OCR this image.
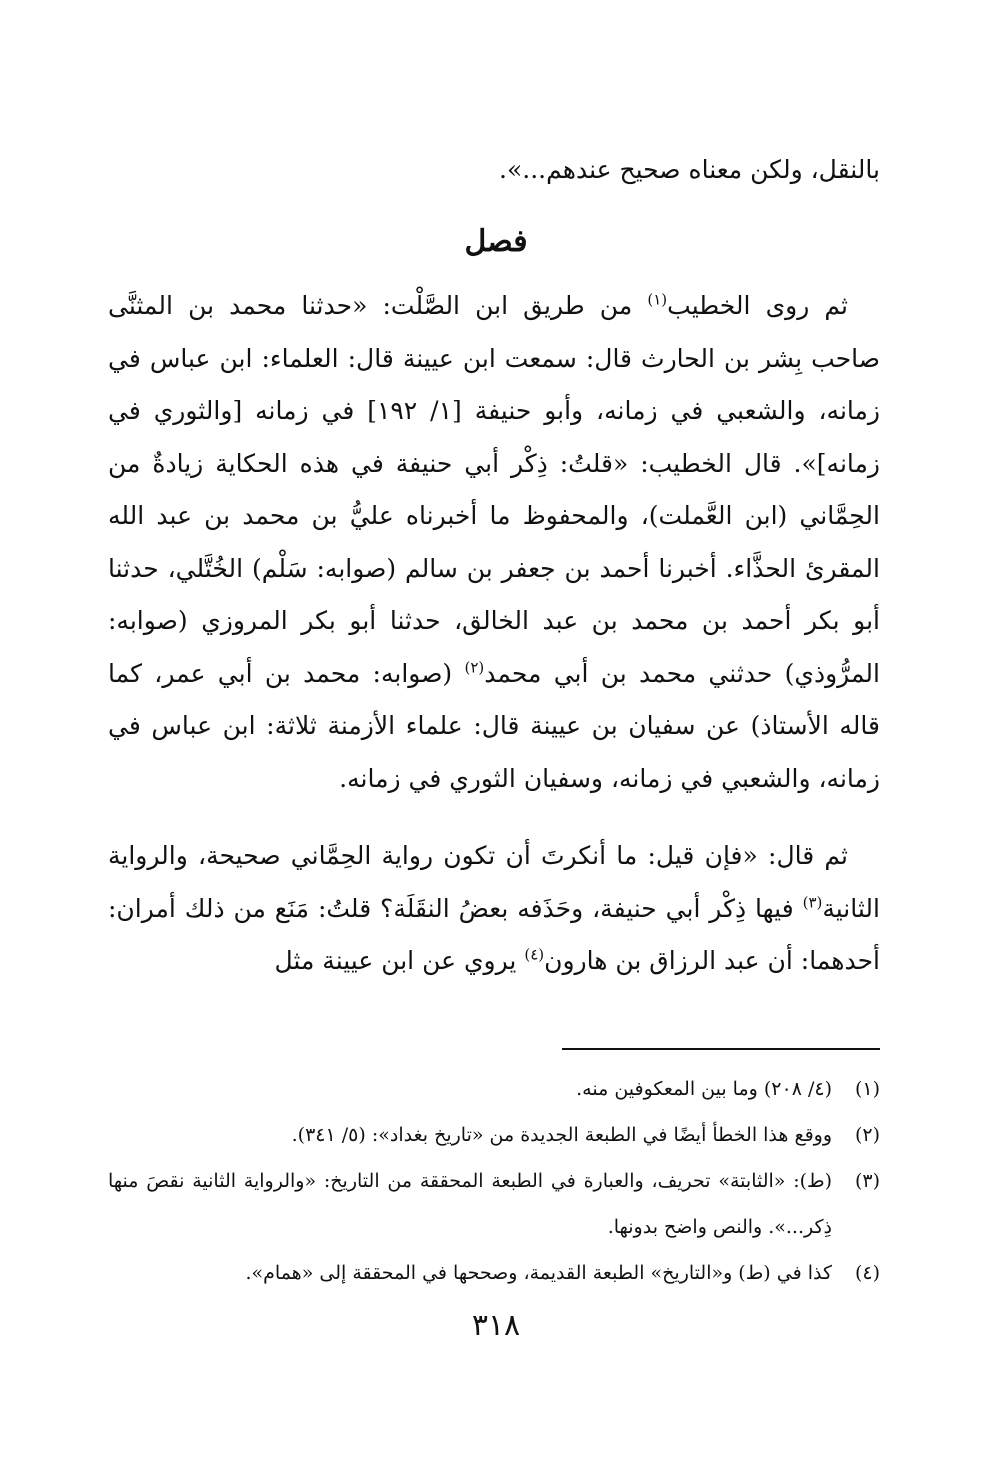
بالنقل، ولكن معناه صحيح عندهم...».

فصل

ثم روى الخطيب$^{(١)}$ من طريق ابن الصَّلْت: «حدثنا محمد بن المثنَّى صاحب بِشر بن الحارث قال: سمعت ابن عيينة قال: العلماء: ابن عباس في زمانه، والشعبي في زمانه، وأبو حنيفة [١/ ١٩٢] في زمانه [والثوري في زمانه]». قال الخطيب: «قلتُ: ذِكْر أبي حنيفة في هذه الحكاية زيادةٌ من الحِمَّاني (ابن العَّملت)، والمحفوظ ما أخبرناه عليُّ بن محمد بن عبد الله المقرئ الحذَّاء. أخبرنا أحمد بن جعفر بن سالم (صوابه: سَلْم) الخُتَّلي، حدثنا أبو بكر أحمد بن محمد بن عبد الخالق، حدثنا أبو بكر المروزي (صوابه: المرُّوذي) حدثني محمد بن أبي محمد$^{(٢)}$ (صوابه: محمد بن أبي عمر، كما قاله الأستاذ) عن سفيان بن عيينة قال: علماء الأزمنة ثلاثة: ابن عباس في زمانه، والشعبي في زمانه، وسفيان الثوري في زمانه.

ثم قال: «فإن قيل: ما أنكرتَ أن تكون رواية الحِمَّاني صحيحة، والرواية الثانية$^{(٣)}$ فيها ذِكْر أبي حنيفة، وحَذَفه بعضُ النقَلَة؟ قلتُ: مَنَع من ذلك أمران: أحدهما: أن عبد الرزاق بن هارون$^{(٤)}$ يروي عن ابن عيينة مثل

(١)
(٤/ ٢٠٨) وما بين المعكوفين منه.
(٢)
ووقع هذا الخطأ أيضًا في الطبعة الجديدة من «تاريخ بغداد»: (٥/ ٣٤١).
(٣)
(ط): «الثابتة» تحريف، والعبارة في الطبعة المحققة من التاريخ: «والرواية الثانية نقصَ منها ذِكر...». والنص واضح بدونها.
(٤)
كذا في (ط) و«التاريخ» الطبعة القديمة، وصححها في المحققة إلى «همام».
٣١٨
